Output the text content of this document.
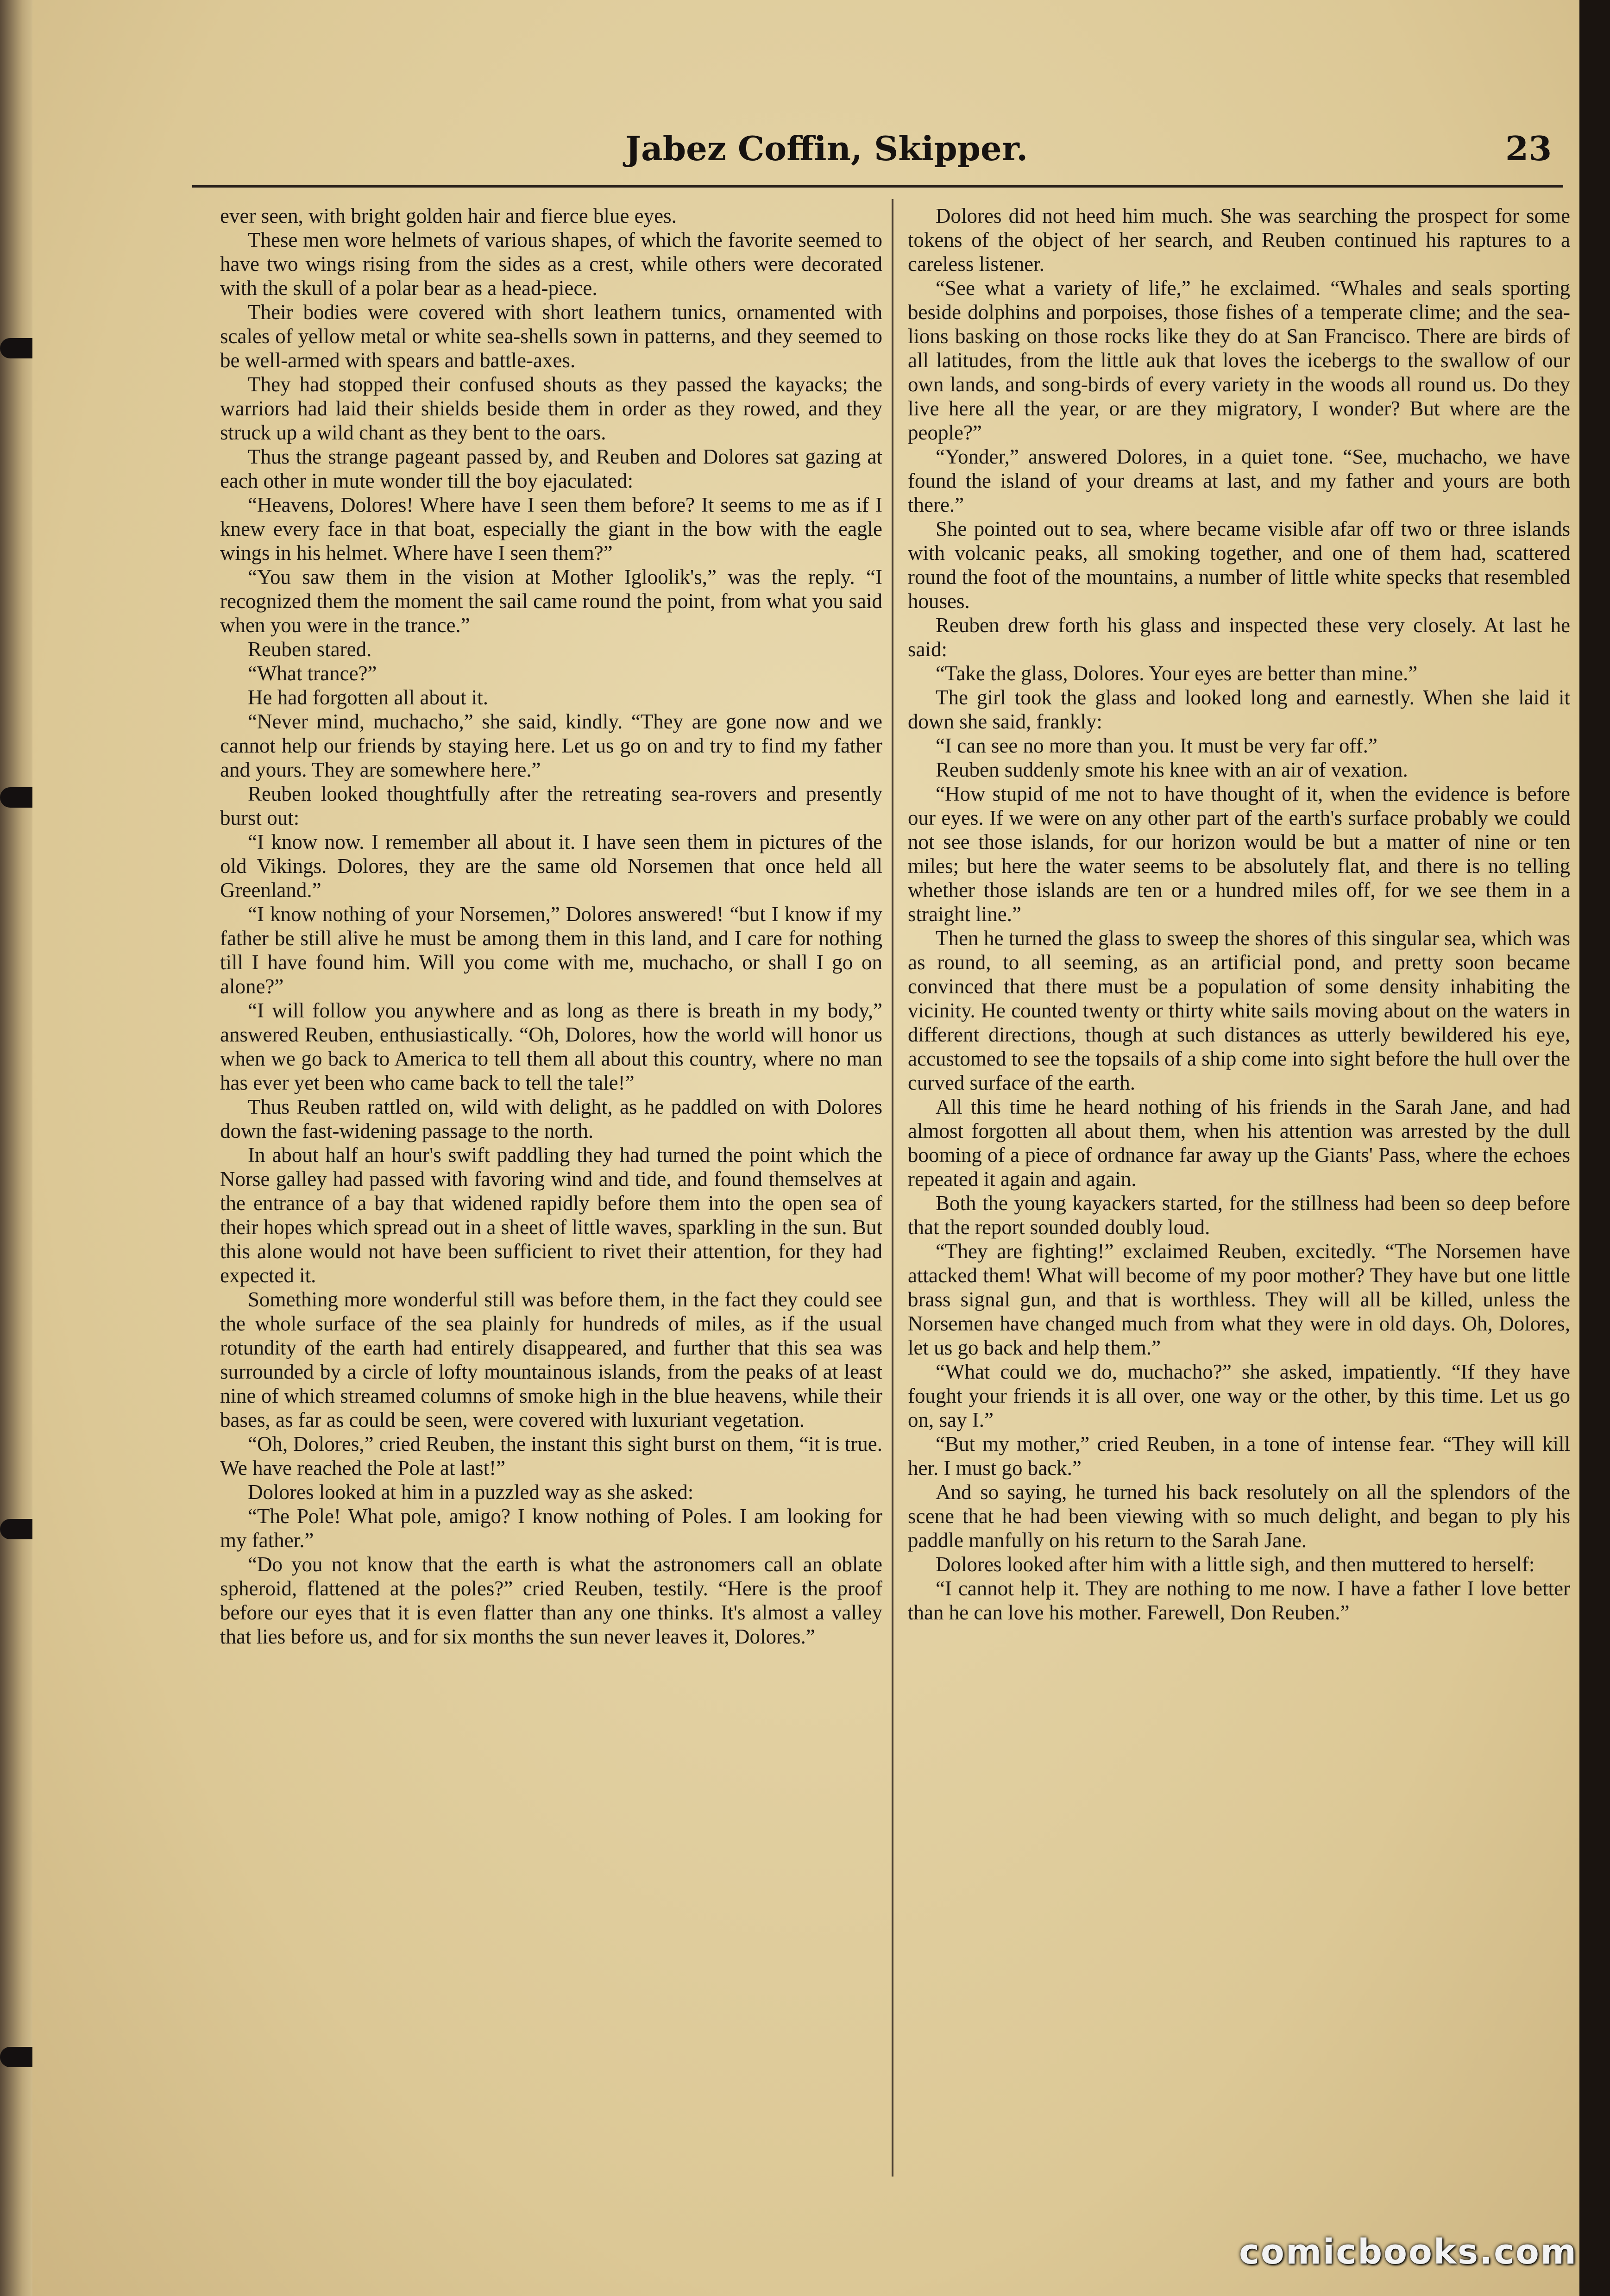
Jabez Coffin, Skipper.	23

ever seen, with bright golden hair and fierce blue eyes.

These men wore helmets of various shapes, of which the favorite seemed to have two wings rising from the sides as a crest, while others were decorated with the skull of a polar bear as a head-piece.

Their bodies were covered with short leathern tunics, ornamented with scales of yellow metal or white sea-shells sown in patterns, and they seemed to be well-armed with spears and battle-axes.

They had stopped their confused shouts as they passed the kayacks; the warriors had laid their shields beside them in order as they rowed, and they struck up a wild chant as they bent to the oars.

Thus the strange pageant passed by, and Reuben and Dolores sat gazing at each other in mute wonder till the boy ejaculated:

“Heavens, Dolores! Where have I seen them before? It seems to me as if I knew every face in that boat, especially the giant in the bow with the eagle wings in his helmet. Where have I seen them?”

“You saw them in the vision at Mother Igloolik's,” was the reply. “I recognized them the moment the sail came round the point, from what you said when you were in the trance.”

Reuben stared.

“What trance?”

He had forgotten all about it.

“Never mind, muchacho,” she said, kindly. “They are gone now and we cannot help our friends by staying here. Let us go on and try to find my father and yours. They are somewhere here.”

Reuben looked thoughtfully after the retreating sea-rovers and presently burst out:

“I know now. I remember all about it. I have seen them in pictures of the old Vikings. Dolores, they are the same old Norsemen that once held all Greenland.”

“I know nothing of your Norsemen,” Dolores answered! “but I know if my father be still alive he must be among them in this land, and I care for nothing till I have found him. Will you come with me, muchacho, or shall I go on alone?”

“I will follow you anywhere and as long as there is breath in my body,” answered Reuben, enthusiastically. “Oh, Dolores, how the world will honor us when we go back to America to tell them all about this country, where no man has ever yet been who came back to tell the tale!”

Thus Reuben rattled on, wild with delight, as he paddled on with Dolores down the fast-widening passage to the north.

In about half an hour's swift paddling they had turned the point which the Norse galley had passed with favoring wind and tide, and found themselves at the entrance of a bay that widened rapidly before them into the open sea of their hopes which spread out in a sheet of little waves, sparkling in the sun. But this alone would not have been sufficient to rivet their attention, for they had expected it.

Something more wonderful still was before them, in the fact they could see the whole surface of the sea plainly for hundreds of miles, as if the usual rotundity of the earth had entirely disappeared, and further that this sea was surrounded by a circle of lofty mountainous islands, from the peaks of at least nine of which streamed columns of smoke high in the blue heavens, while their bases, as far as could be seen, were covered with luxuriant vegetation.

“Oh, Dolores,” cried Reuben, the instant this sight burst on them, “it is true. We have reached the Pole at last!”

Dolores looked at him in a puzzled way as she asked:

“The Pole! What pole, amigo? I know nothing of Poles. I am looking for my father.”

“Do you not know that the earth is what the astronomers call an oblate spheroid, flattened at the poles?” cried Reuben, testily. “Here is the proof before our eyes that it is even flatter than any one thinks. It's almost a valley that lies before us, and for six months the sun never leaves it, Dolores.”

Dolores did not heed him much. She was searching the prospect for some tokens of the object of her search, and Reuben continued his raptures to a careless listener.

“See what a variety of life,” he exclaimed. “Whales and seals sporting beside dolphins and porpoises, those fishes of a temperate clime; and the sea-lions basking on those rocks like they do at San Francisco. There are birds of all latitudes, from the little auk that loves the icebergs to the swallow of our own lands, and song-birds of every variety in the woods all round us. Do they live here all the year, or are they migratory, I wonder? But where are the people?”

“Yonder,” answered Dolores, in a quiet tone. “See, muchacho, we have found the island of your dreams at last, and my father and yours are both there.”

She pointed out to sea, where became visible afar off two or three islands with volcanic peaks, all smoking together, and one of them had, scattered round the foot of the mountains, a number of little white specks that resembled houses.

Reuben drew forth his glass and inspected these very closely. At last he said:

“Take the glass, Dolores. Your eyes are better than mine.”

The girl took the glass and looked long and earnestly. When she laid it down she said, frankly:

“I can see no more than you. It must be very far off.”

Reuben suddenly smote his knee with an air of vexation.

“How stupid of me not to have thought of it, when the evidence is before our eyes. If we were on any other part of the earth's surface probably we could not see those islands, for our horizon would be but a matter of nine or ten miles; but here the water seems to be absolutely flat, and there is no telling whether those islands are ten or a hundred miles off, for we see them in a straight line.”

Then he turned the glass to sweep the shores of this singular sea, which was as round, to all seeming, as an artificial pond, and pretty soon became convinced that there must be a population of some density inhabiting the vicinity. He counted twenty or thirty white sails moving about on the waters in different directions, though at such distances as utterly bewildered his eye, accustomed to see the topsails of a ship come into sight before the hull over the curved surface of the earth.

All this time he heard nothing of his friends in the Sarah Jane, and had almost forgotten all about them, when his attention was arrested by the dull booming of a piece of ordnance far away up the Giants' Pass, where the echoes repeated it again and again.

Both the young kayackers started, for the stillness had been so deep before that the report sounded doubly loud.

“They are fighting!” exclaimed Reuben, excitedly. “The Norsemen have attacked them! What will become of my poor mother? They have but one little brass signal gun, and that is worthless. They will all be killed, unless the Norsemen have changed much from what they were in old days. Oh, Dolores, let us go back and help them.”

“What could we do, muchacho?” she asked, impatiently. “If they have fought your friends it is all over, one way or the other, by this time. Let us go on, say I.”

“But my mother,” cried Reuben, in a tone of intense fear. “They will kill her. I must go back.”

And so saying, he turned his back resolutely on all the splendors of the scene that he had been viewing with so much delight, and began to ply his paddle manfully on his return to the Sarah Jane.

Dolores looked after him with a little sigh, and then muttered to herself:

“I cannot help it. They are nothing to me now. I have a father I love better than he can love his mother. Farewell, Don Reuben.”

comicbooks.com
